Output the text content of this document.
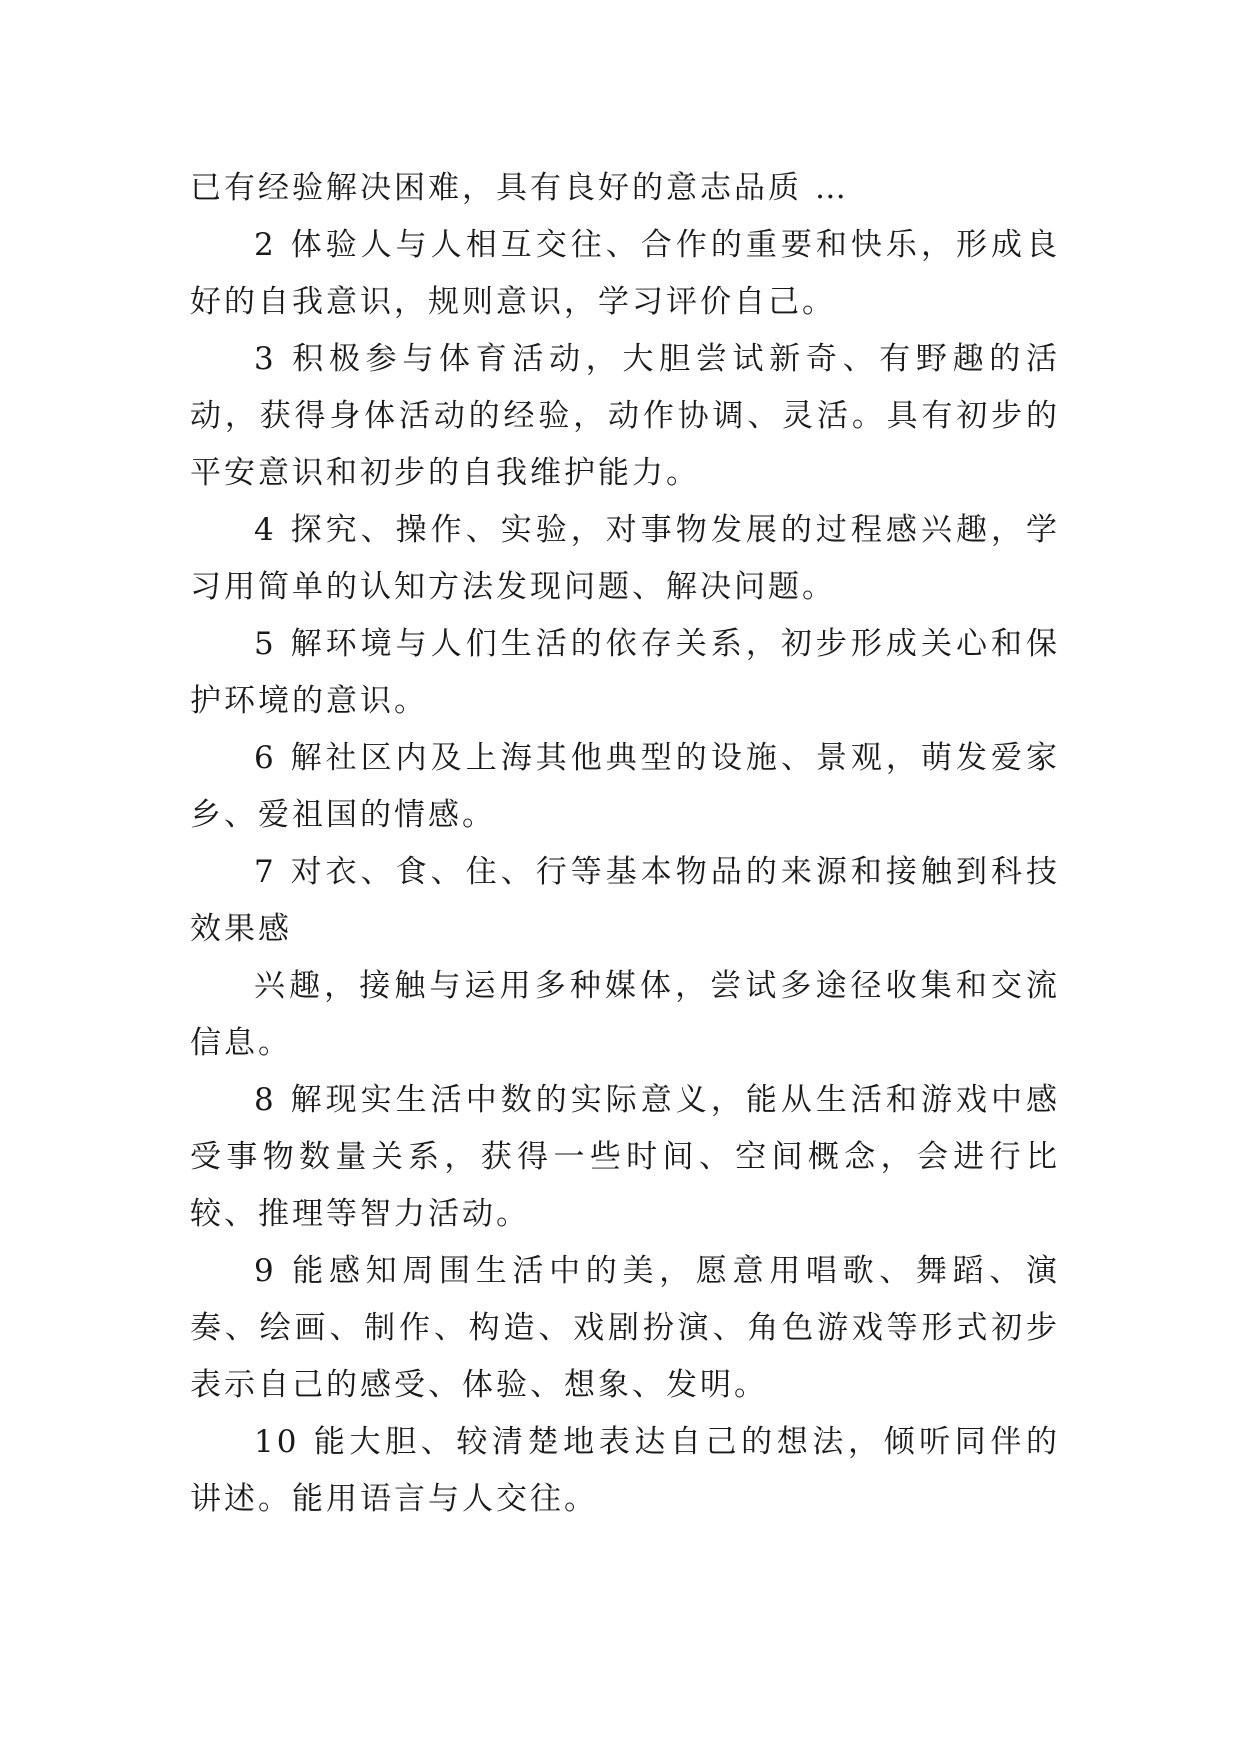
已有经验解决困难，具有良好的意志品质 …

2 体验人与人相互交往、合作的重要和快乐，形成良好的自我意识，规则意识，学习评价自己。

3 积极参与体育活动，大胆尝试新奇、有野趣的活动，获得身体活动的经验，动作协调、灵活。具有初步的平安意识和初步的自我维护能力。

4 探究、操作、实验，对事物发展的过程感兴趣，学习用简单的认知方法发现问题、解决问题。

5 解环境与人们生活的依存关系，初步形成关心和保护环境的意识。

6 解社区内及上海其他典型的设施、景观，萌发爱家乡、爱祖国的情感。

7 对衣、食、住、行等基本物品的来源和接触到科技效果感

兴趣，接触与运用多种媒体，尝试多途径收集和交流信息。

8 解现实生活中数的实际意义，能从生活和游戏中感受事物数量关系，获得一些时间、空间概念，会进行比较、推理等智力活动。

9 能感知周围生活中的美，愿意用唱歌、舞蹈、演奏、绘画、制作、构造、戏剧扮演、角色游戏等形式初步表示自己的感受、体验、想象、发明。

10 能大胆、较清楚地表达自己的想法，倾听同伴的讲述。能用语言与人交往。
